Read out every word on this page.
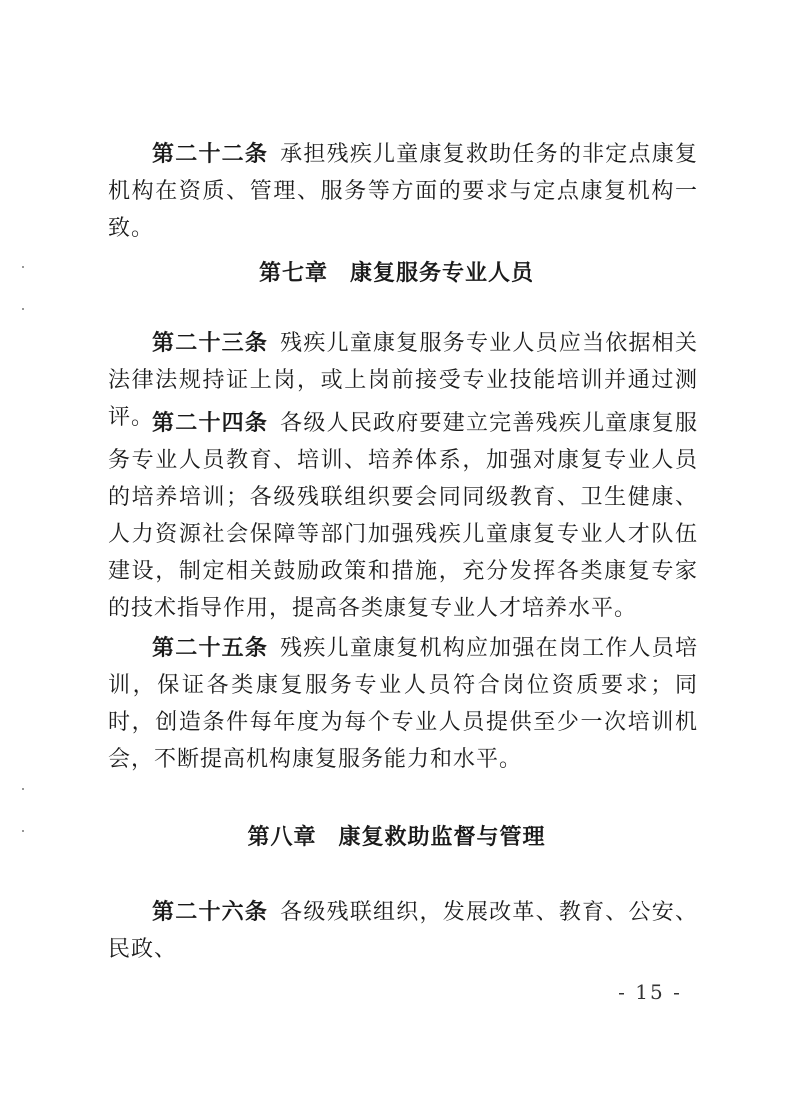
第二十二条 承担残疾儿童康复救助任务的非定点康复机构在资质、管理、服务等方面的要求与定点康复机构一致。

第七章 康复服务专业人员

第二十三条 残疾儿童康复服务专业人员应当依据相关法律法规持证上岗，或上岗前接受专业技能培训并通过测评。

第二十四条 各级人民政府要建立完善残疾儿童康复服务专业人员教育、培训、培养体系，加强对康复专业人员的培养培训；各级残联组织要会同同级教育、卫生健康、人力资源社会保障等部门加强残疾儿童康复专业人才队伍建设，制定相关鼓励政策和措施，充分发挥各类康复专家的技术指导作用，提高各类康复专业人才培养水平。

第二十五条 残疾儿童康复机构应加强在岗工作人员培训，保证各类康复服务专业人员符合岗位资质要求；同时，创造条件每年度为每个专业人员提供至少一次培训机会，不断提高机构康复服务能力和水平。

第八章 康复救助监督与管理

第二十六条 各级残联组织，发展改革、教育、公安、民政、

- 15 -
